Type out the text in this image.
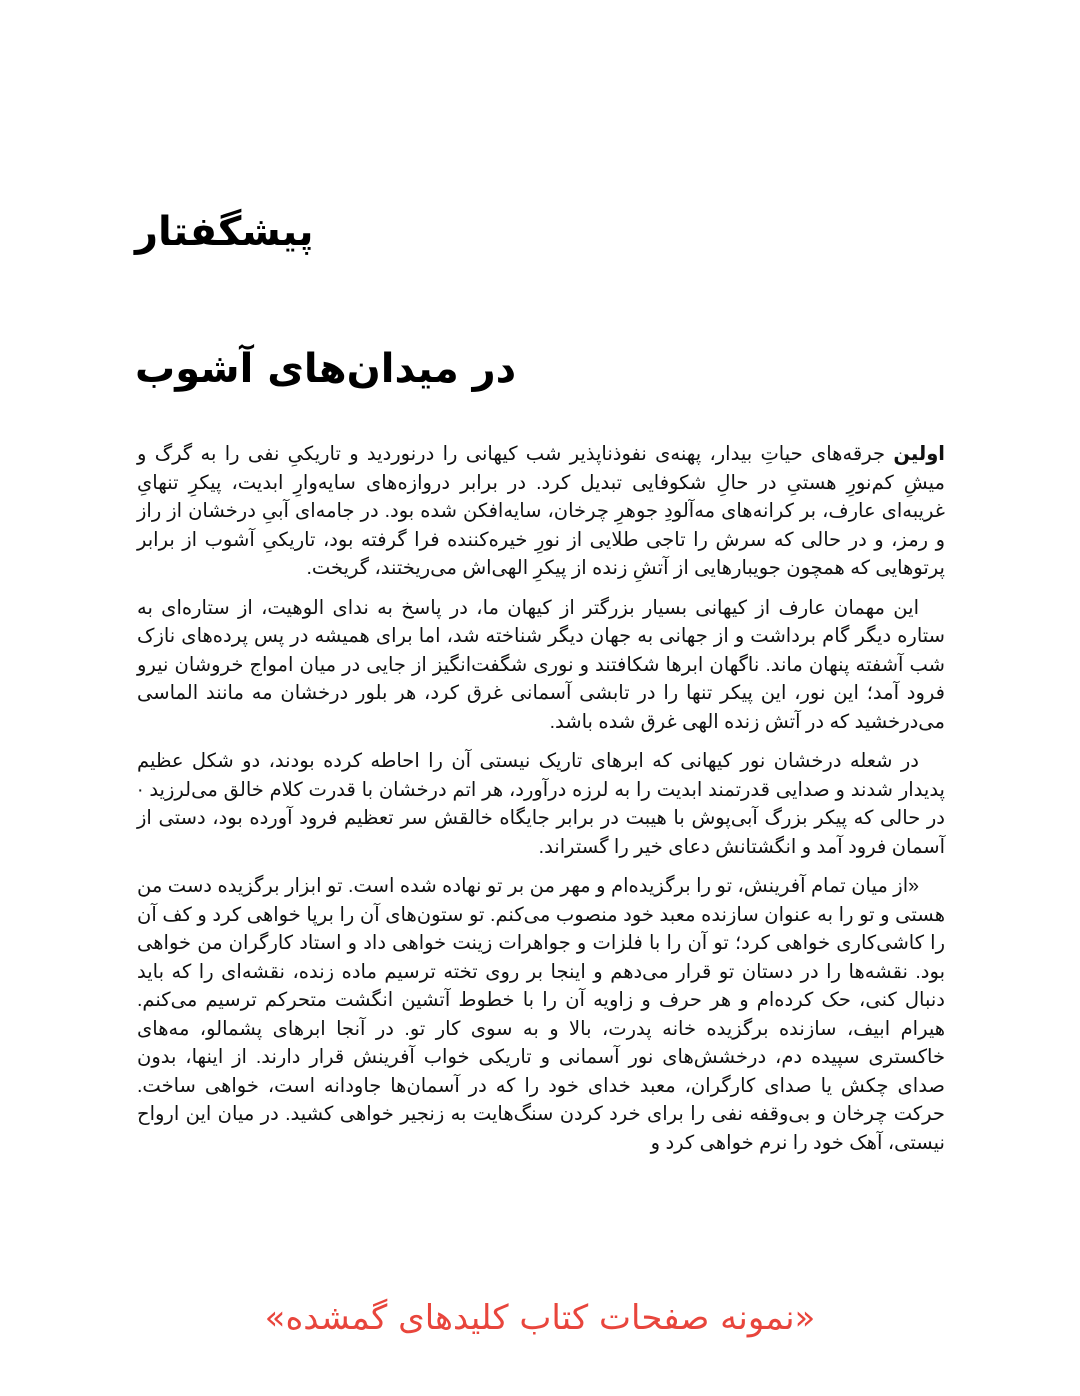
پیشگفتار
در میدان‌های آشوب

اولین جرقه‌های حیاتِ بیدار، پهنه‌ی نفوذناپذیر شب کیهانی را درنوردید و تاریکیِ نفی را به گرگ و میشِ کم‌نورِ هستیِ در حالِ شکوفایی تبدیل کرد. در برابر دروازه‌های سایه‌وارِ ابدیت، پیکرِ تنهایِ غریبه‌ای عارف، بر کرانه‌های مه‌آلودِ جوهرِ چرخان، سایه‌افکن شده بود. در جامه‌ای آبیِ درخشان از راز و رمز، و در حالی که سرش را تاجی طلایی از نورِ خیره‌کننده فرا گرفته بود، تاریکیِ آشوب از برابر پرتوهایی که همچون جویبارهایی از آتشِ زنده از پیکرِ الهی‌اش می‌ریختند، گریخت.

این مهمان عارف از کیهانی بسیار بزرگتر از کیهان ما، در پاسخ به ندای الوهیت، از ستاره‌ای به ستاره دیگر گام برداشت و از جهانی به جهان دیگر شناخته شد، اما برای همیشه در پس پرده‌های نازک شب آشفته پنهان ماند. ناگهان ابرها شکافتند و نوری شگفت‌انگیز از جایی در میان امواج خروشان نیرو فرود آمد؛ این نور، این پیکر تنها را در تابشی آسمانی غرق کرد، هر بلور درخشان مه مانند الماسی می‌درخشید که در آتش زنده الهی غرق شده باشد.

در شعله درخشان نور کیهانی که ابرهای تاریک نیستی آن را احاطه کرده بودند، دو شکل عظیم پدیدار شدند و صدایی قدرتمند ابدیت را به لرزه درآورد، هر اتم درخشان با قدرت کلام خالق می‌لرزید · در حالی که پیکر بزرگ آبی‌پوش با هیبت در برابر جایگاه خالقش سر تعظیم فرود آورده بود، دستی از آسمان فرود آمد و انگشتانش دعای خیر را گستراند.

«از میان تمام آفرینش، تو را برگزیده‌ام و مهر من بر تو نهاده شده است. تو ابزار برگزیده دست من هستی و تو را به عنوان سازنده معبد خود منصوب می‌کنم. تو ستون‌های آن را برپا خواهی کرد و کف آن را کاشی‌کاری خواهی کرد؛ تو آن را با فلزات و جواهرات زینت خواهی داد و استاد کارگران من خواهی بود. نقشه‌ها را در دستان تو قرار می‌دهم و اینجا بر روی تخته ترسیم ماده زنده، نقشه‌ای را که باید دنبال کنی، حک کرده‌ام و هر حرف و زاویه آن را با خطوط آتشین انگشت متحرکم ترسیم می‌کنم. هیرام ابیف، سازنده برگزیده خانه پدرت، بالا و به سوی کار تو. در آنجا ابرهای پشمالو، مه‌های خاکستری سپیده دم، درخشش‌های نور آسمانی و تاریکی خواب آفرینش قرار دارند. از اینها، بدون صدای چکش یا صدای کارگران، معبد خدای خود را که در آسمان‌ها جاودانه است، خواهی ساخت. حرکت چرخان و بی‌وقفه نفی را برای خرد کردن سنگ‌هایت به زنجیر خواهی کشید. در میان این ارواح نیستی، آهک خود را نرم خواهی کرد و

«نمونه صفحات کتاب کلیدهای گمشده»
